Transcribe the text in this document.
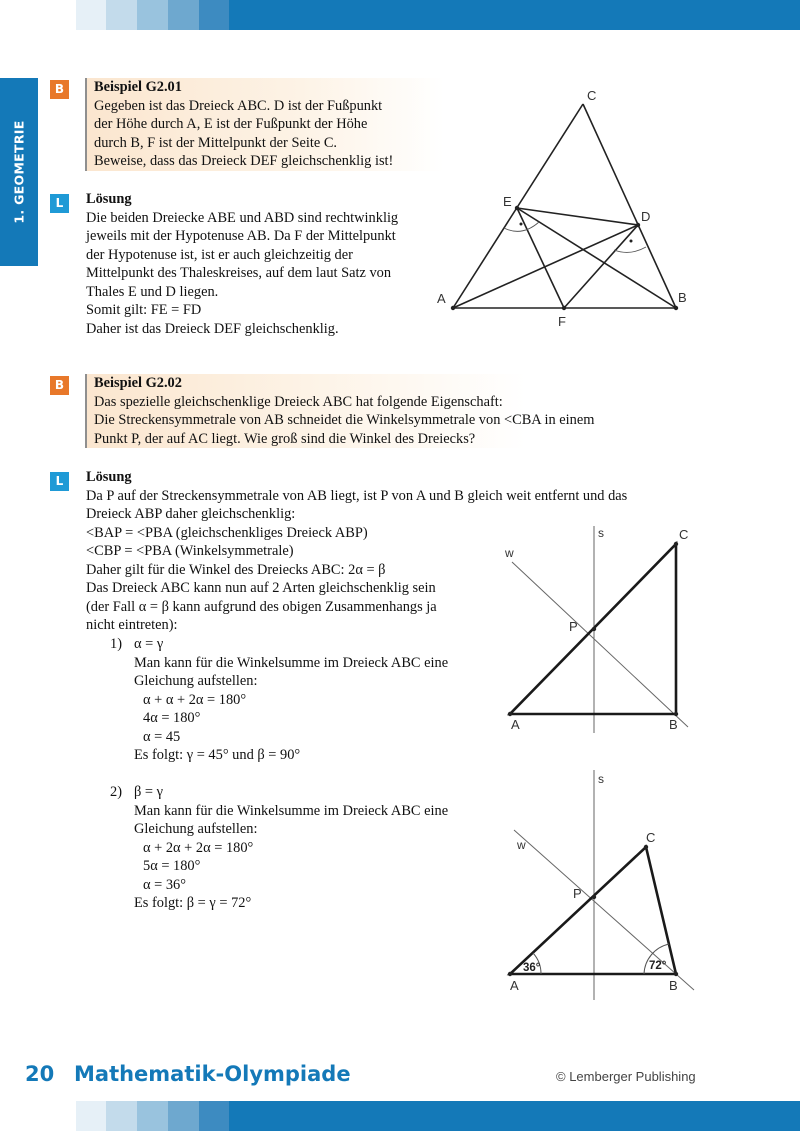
1. GEOMETRIE
B	Beispiel G2.01
Gegeben ist das Dreieck ABC. D ist der Fußpunkt
der Höhe durch A, E ist der Fußpunkt der Höhe
durch B, F ist der Mittelpunkt der Seite C.
Beweise, dass das Dreieck DEF gleichschenklig ist!
L	Lösung
Die beiden Dreiecke ABE und ABD sind rechtwinklig
jeweils mit der Hypotenuse AB. Da F der Mittelpunkt
der Hypotenuse ist, ist er auch gleichzeitig der
Mittelpunkt des Thaleskreises, auf dem laut Satz von
Thales E und D liegen.
Somit gilt: FE = FD
Daher ist das Dreieck DEF gleichschenklig.
C
E
D
A	B
F
B	Beispiel G2.02
Das spezielle gleichschenklige Dreieck ABC hat folgende Eigenschaft:
Die Streckensymmetrale von AB schneidet die Winkelsymmetrale von <CBA in einem
Punkt P, der auf AC liegt. Wie groß sind die Winkel des Dreiecks?
L	Lösung
Da P auf der Streckensymmetrale von AB liegt, ist P von A und B gleich weit entfernt und das
Dreieck ABP daher gleichschenklig:
<BAP = <PBA (gleichschenkliges Dreieck ABP)
<CBP = <PBA (Winkelsymmetrale)
Daher gilt für die Winkel des Dreiecks ABC: 2α = β
Das Dreieck ABC kann nun auf 2 Arten gleichschenklig sein
(der Fall α = β kann aufgrund des obigen Zusammenhangs ja
nicht eintreten):
1) α = γ
Man kann für die Winkelsumme im Dreieck ABC eine
Gleichung aufstellen:
α + α + 2α = 180°
4α = 180°
α = 45
Es folgt: γ = 45° und β = 90°
2) β = γ
Man kann für die Winkelsumme im Dreieck ABC eine
Gleichung aufstellen:
α + 2α + 2α = 180°
5α = 180°
α = 36°
Es folgt: β = γ = 72°
s
w
C
P
A	B
s
w	C
P
A	B
36°	72°
20 Mathematik-Olympiade	© Lemberger Publishing
